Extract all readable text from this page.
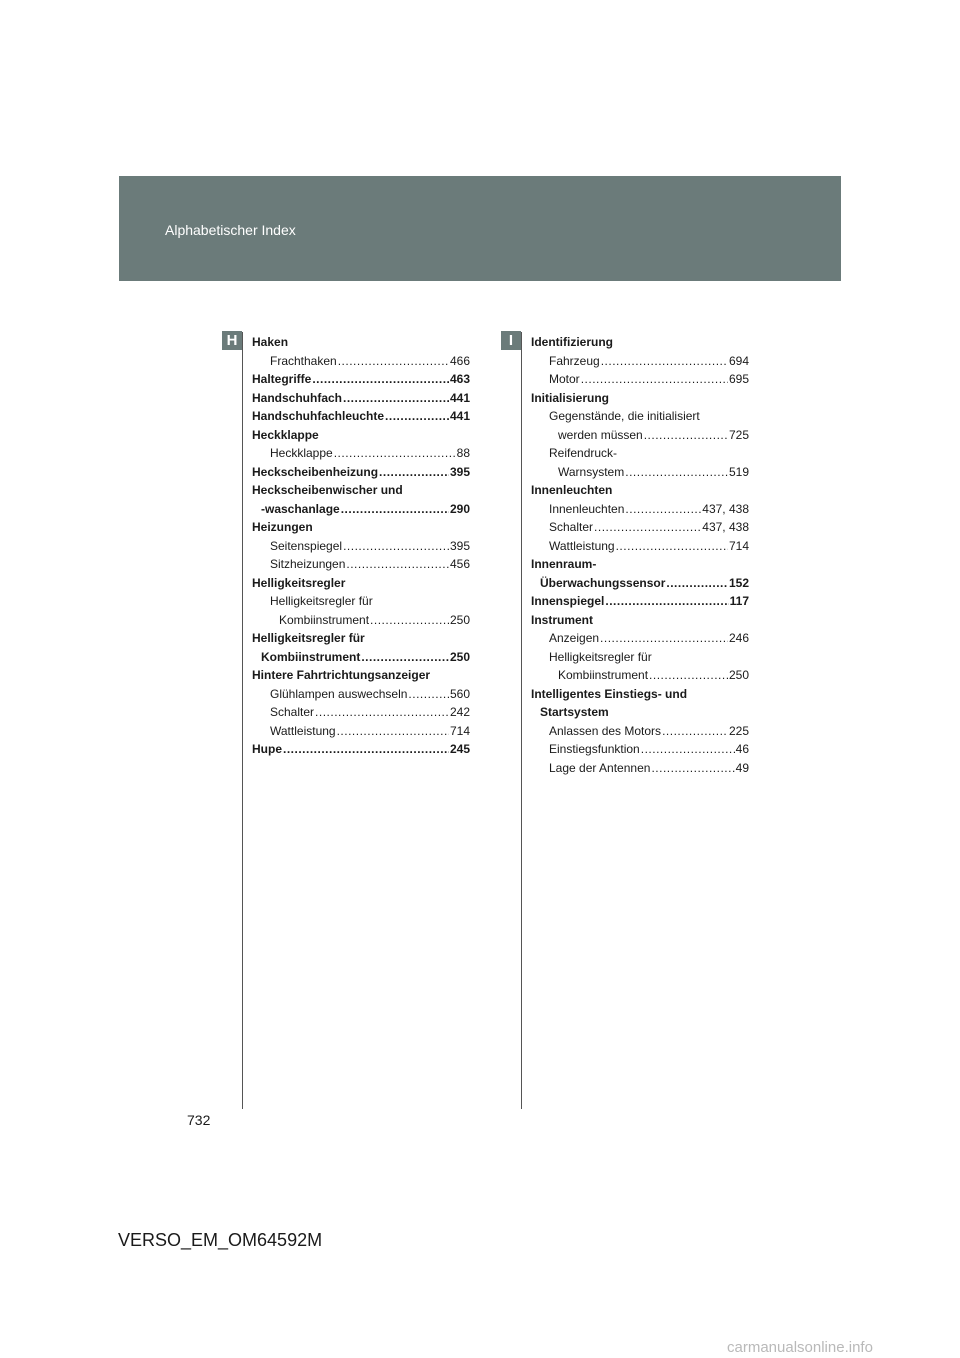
Alphabetischer Index
H	I
Haken
Frachthaken .....	466
Haltegriffe .....	463
Handschuhfach .....	441
Handschuhfachleuchte .....	441
Heckklappe
Heckklappe .....	88
Heckscheibenheizung .....	395
Heckscheibenwischer und
-waschanlage .....	290
Heizungen
Seitenspiegel .....	395
Sitzheizungen .....	456
Helligkeitsregler
Helligkeitsregler für
Kombiinstrument .....	250
Helligkeitsregler für
Kombiinstrument .....	250
Hintere Fahrtrichtungsanzeiger
Glühlampen auswechseln .....	560
Schalter .....	242
Wattleistung .....	714
Hupe .....	245
Identifizierung
Fahrzeug .....	694
Motor .....	695
Initialisierung
Gegenstände, die initialisiert
werden müssen .....	725
Reifendruck-
Warnsystem .....	519
Innenleuchten
Innenleuchten .....	437, 438
Schalter .....	437, 438
Wattleistung .....	714
Innenraum-
Überwachungssensor .....	152
Innenspiegel .....	117
Instrument
Anzeigen .....	246
Helligkeitsregler für
Kombiinstrument .....	250
Intelligentes Einstiegs- und
Startsystem
Anlassen des Motors .....	225
Einstiegsfunktion .....	46
Lage der Antennen .....	49
732
VERSO_EM_OM64592M
carmanualsonline.info
